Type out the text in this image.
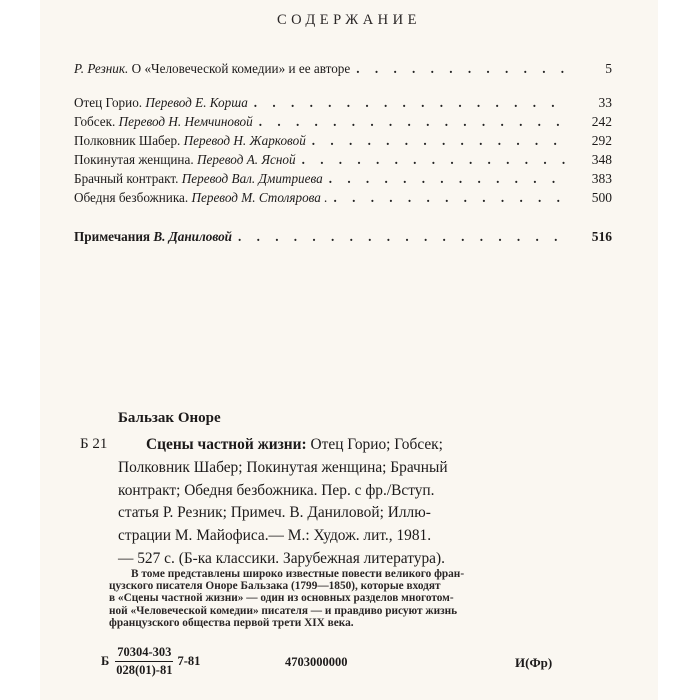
СОДЕРЖАНИЕ
Р. Резник. О «Человеческой комедии» и ее авторе . . .	5
Отец Горио. Перевод Е. Корша . . .	33
Гобсек. Перевод Н. Немчиновой . . .	242
Полковник Шабер. Перевод Н. Жарковой . . .	292
Покинутая женщина. Перевод А. Ясной . . .	348
Брачный контракт. Перевод Вал. Дмитриева . . .	383
Обедня безбожника. Перевод М. Столярова . . . .	500
Примечания В. Даниловой . . .	516
Бальзак Оноре
Б 21	Сцены частной жизни: Отец Горио; Гобсек;
Полковник Шабер; Покинутая женщина; Брачный
контракт; Обедня безбожника. Пер. с фр./Вступ.
статья Р. Резник; Примеч. В. Даниловой; Иллю-
страции М. Майофиса.— М.: Худож. лит., 1981.
— 527 с. (Б-ка классики. Зарубежная литература).
В томе представлены широко известные повести великого фран-
цузского писателя Оноре Бальзака (1799—1850), которые входят
в «Сцены частной жизни» — один из основных разделов многотом-
ной «Человеческой комедии» писателя — и правдиво рисуют жизнь
французского общества первой трети XIX века.
Б $\frac{70304-303}{028(01)-81} 7-81$	4703000000	И(Фр)
